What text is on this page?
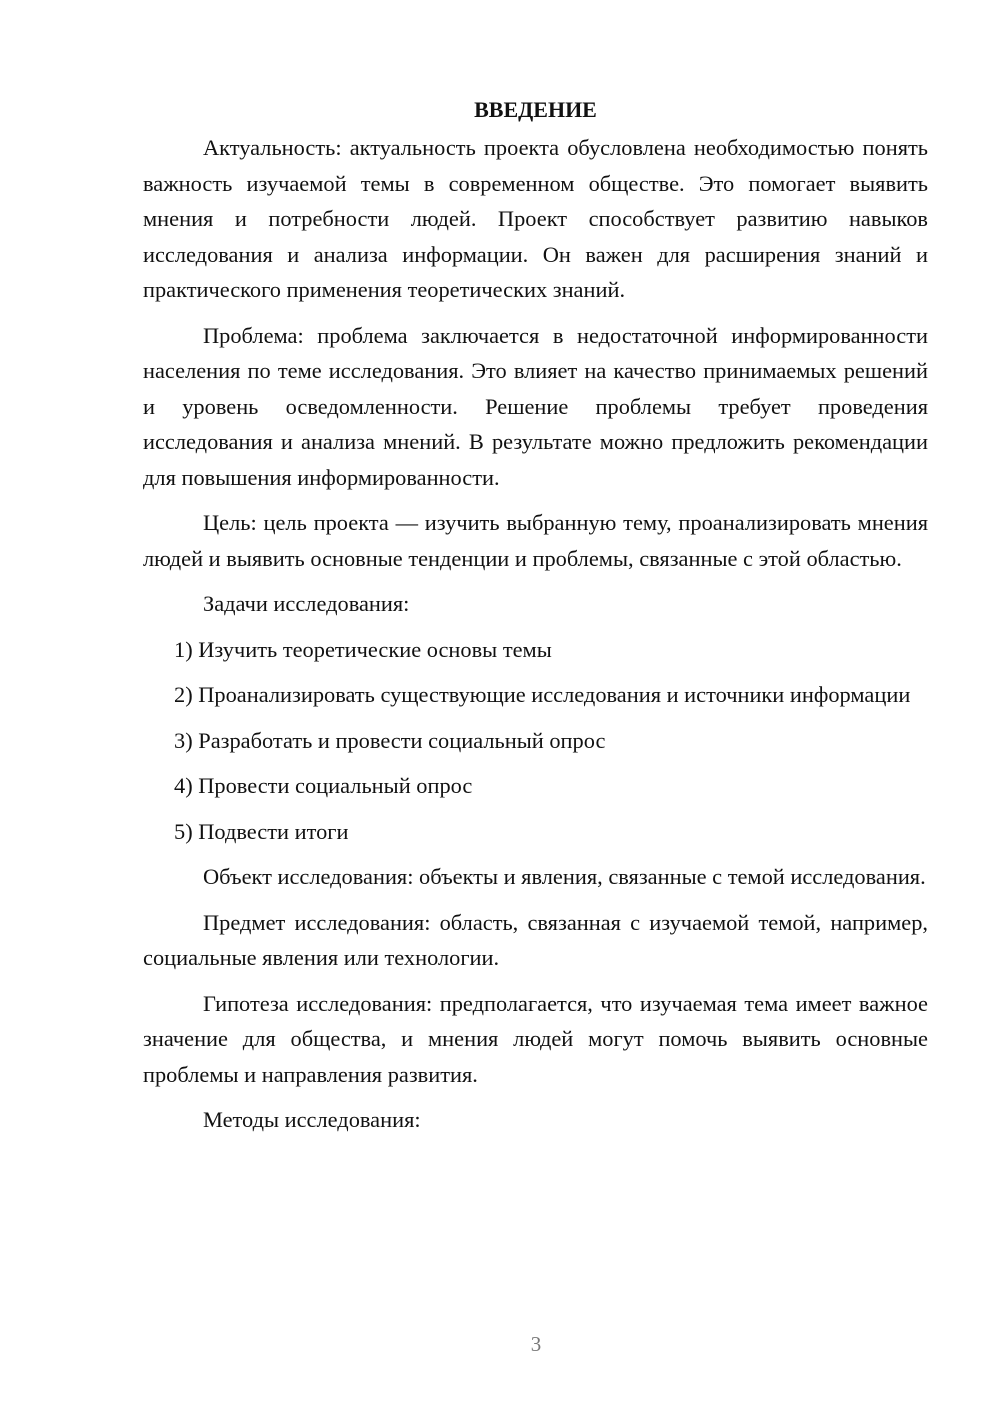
ВВЕДЕНИЕ

Актуальность: актуальность проекта обусловлена необходимостью понять важность изучаемой темы в современном обществе. Это помогает выявить мнения и потребности людей. Проект способствует развитию навыков исследования и анализа информации. Он важен для расширения знаний и практического применения теоретических знаний.

Проблема: проблема заключается в недостаточной информированности населения по теме исследования. Это влияет на качество принимаемых решений и уровень осведомленности. Решение проблемы требует проведения исследования и анализа мнений. В результате можно предложить рекомендации для повышения информированности.

Цель: цель проекта — изучить выбранную тему, проанализировать мнения людей и выявить основные тенденции и проблемы, связанные с этой областью.

Задачи исследования:

1) Изучить теоретические основы темы

2) Проанализировать существующие исследования и источники информации

3) Разработать и провести социальный опрос

4) Провести социальный опрос

5) Подвести итоги

Объект исследования: объекты и явления, связанные с темой исследования.

Предмет исследования: область, связанная с изучаемой темой, например, социальные явления или технологии.

Гипотеза исследования: предполагается, что изучаемая тема имеет важное значение для общества, и мнения людей могут помочь выявить основные проблемы и направления развития.

Методы исследования:

3
